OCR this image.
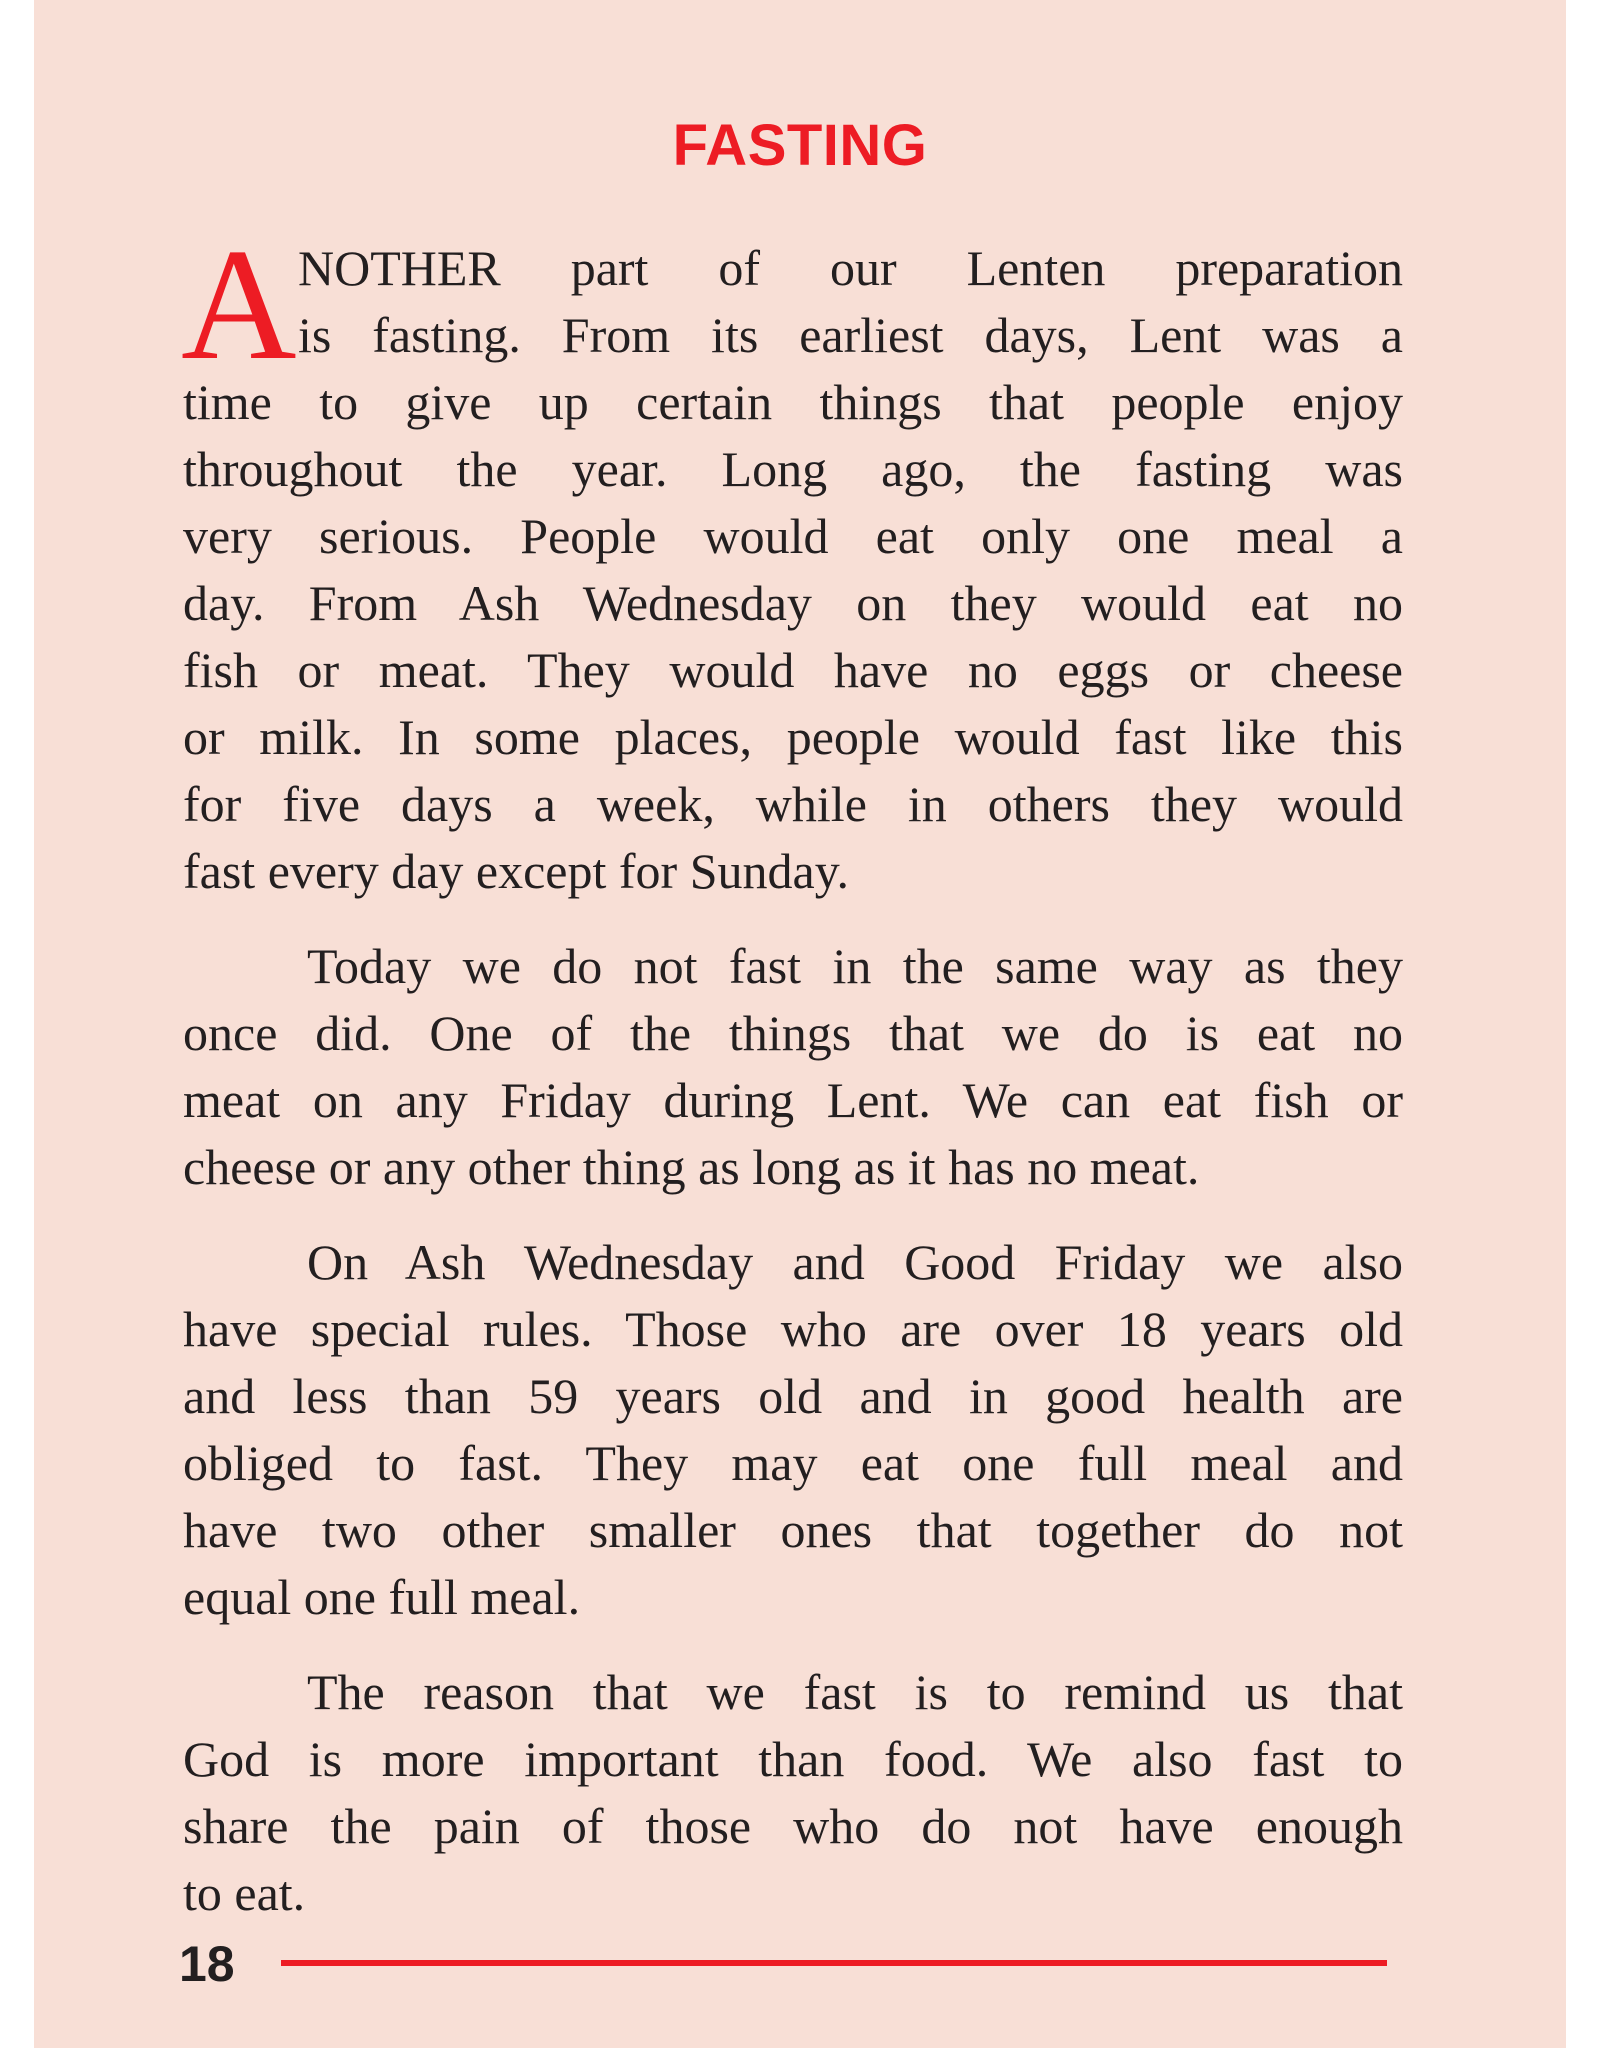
FASTING
A NOTHER part of our Lenten preparation
is fasting. From its earliest days, Lent was a
time to give up certain things that people enjoy
throughout the year. Long ago, the fasting was
very serious. People would eat only one meal a
day. From Ash Wednesday on they would eat no
fish or meat. They would have no eggs or cheese
or milk. In some places, people would fast like this
for five days a week, while in others they would
fast every day except for Sunday.
Today we do not fast in the same way as they
once did. One of the things that we do is eat no
meat on any Friday during Lent. We can eat fish or
cheese or any other thing as long as it has no meat.
On Ash Wednesday and Good Friday we also
have special rules. Those who are over 18 years old
and less than 59 years old and in good health are
obliged to fast. They may eat one full meal and
have two other smaller ones that together do not
equal one full meal.
The reason that we fast is to remind us that
God is more important than food. We also fast to
share the pain of those who do not have enough
to eat.
18
